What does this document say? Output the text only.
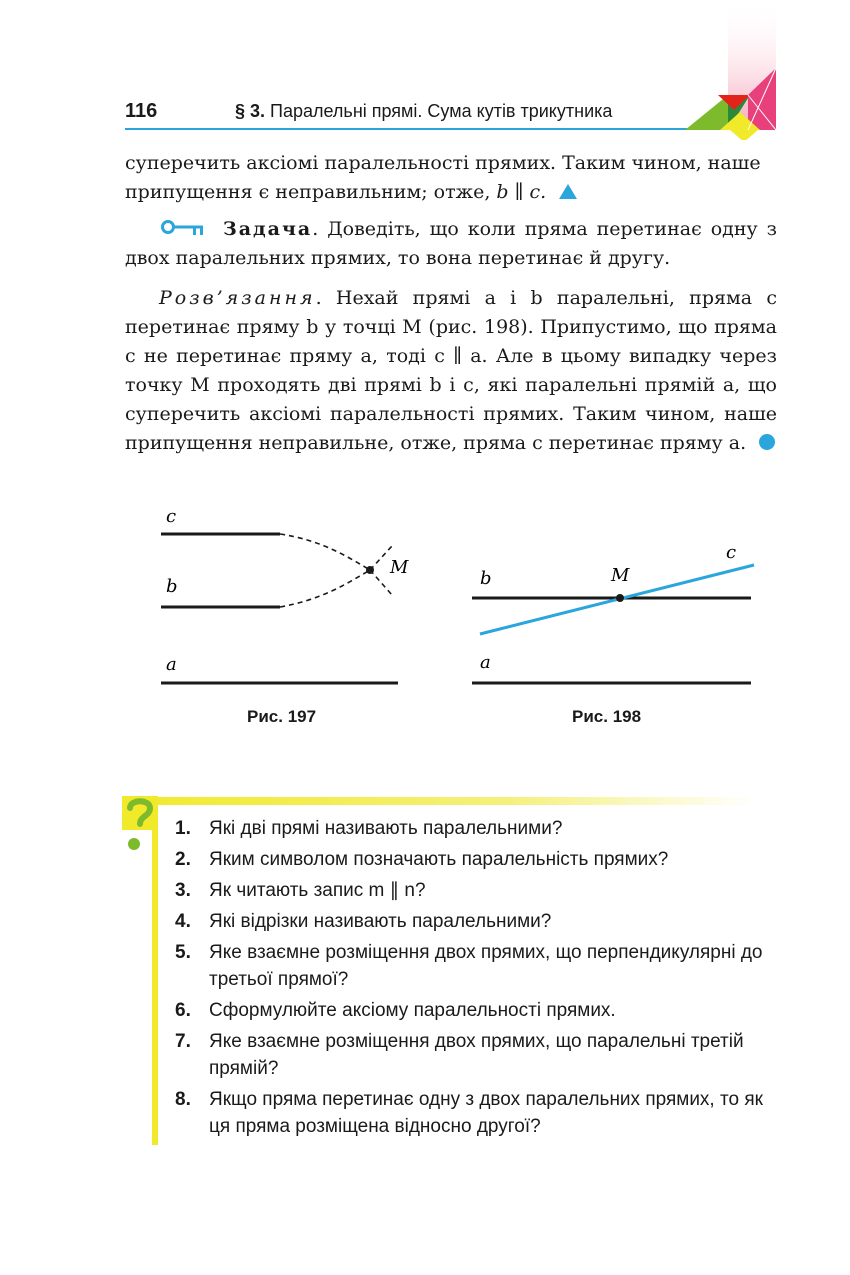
116	§ 3. Паралельні прямі. Сума кутів трикутника
суперечить аксіомі паралельності прямих. Таким чином, наше
припущення є неправильним; отже, b ∥ c.
Задача. Доведіть, що коли пряма перетинає одну з двох паралельних прямих, то вона перетинає й другу.
Розв’язання. Нехай прямі a і b паралельні, пряма c перетинає пряму b у точці M (рис. 198). Припустимо, що пряма c не перетинає пряму a, тоді c ∥ a. Але в цьому випадку через точку M проходять дві прямі b і c, які паралельні прямій a, що суперечить аксіомі паралельності прямих. Таким чином, наше припущення неправильне, отже, пряма c перетинає пряму a.
c
b
M
a
Рис. 197
c
b	M
a
Рис. 198
1. Які дві прямі називають паралельними?
2. Яким символом позначають паралельність прямих?
3. Як читають запис m ∥ n?
4. Які відрізки називають паралельними?
5. Яке взаємне розміщення двох прямих, що перпендикулярні до третьої прямої?
6. Сформулюйте аксіому паралельності прямих.
7. Яке взаємне розміщення двох прямих, що паралельні третій прямій?
8. Якщо пряма перетинає одну з двох паралельних прямих, то як ця пряма розміщена відносно другої?
